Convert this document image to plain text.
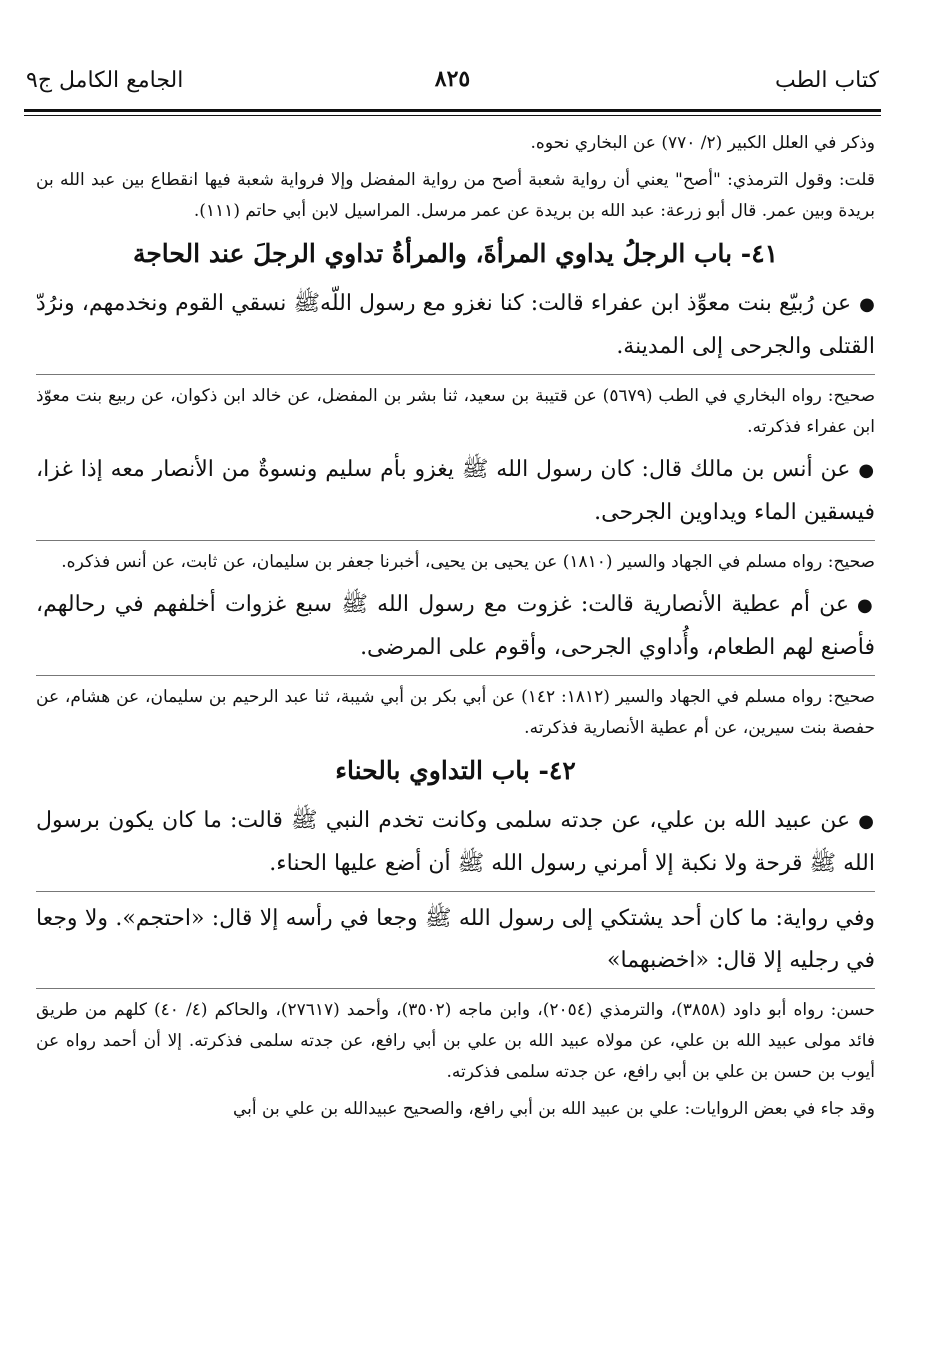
كتاب الطب
٨٢٥
الجامع الكامل ج٩

وذكر في العلل الكبير (٢/ ٧٧٠) عن البخاري نحوه.

قلت: وقول الترمذي: "أصح" يعني أن رواية شعبة أصح من رواية المفضل وإلا فرواية شعبة فيها انقطاع بين عبد الله بن بريدة وبين عمر. قال أبو زرعة: عبد الله بن بريدة عن عمر مرسل. المراسيل لابن أبي حاتم (١١١).

٤١- باب الرجلُ يداوي المرأةَ، والمرأةُ تداوي الرجلَ عند الحاجة

●عن رُبيّع بنت معوِّذ ابن عفراء قالت: كنا نغزو مع رسول اللّهﷺ نسقي القوم ونخدمهم، ونرُدّ القتلى والجرحى إلى المدينة.

صحيح: رواه البخاري في الطب (٥٦٧٩) عن قتيبة بن سعيد، ثنا بشر بن المفضل، عن خالد ابن ذكوان، عن ربيع بنت معوّذ ابن عفراء فذكرته.

●عن أنس بن مالك قال: كان رسول الله ﷺ يغزو بأم سليم ونسوةٌ من الأنصار معه إذا غزا، فيسقين الماء ويداوين الجرحى.

صحيح: رواه مسلم في الجهاد والسير (١٨١٠) عن يحيى بن يحيى، أخبرنا جعفر بن سليمان، عن ثابت، عن أنس فذكره.

●عن أم عطية الأنصارية قالت: غزوت مع رسول الله ﷺ سبع غزوات أخلفهم في رحالهم، فأصنع لهم الطعام، وأُداوي الجرحى، وأقوم على المرضى.

صحيح: رواه مسلم في الجهاد والسير (١٨١٢: ١٤٢) عن أبي بكر بن أبي شيبة، ثنا عبد الرحيم بن سليمان، عن هشام، عن حفصة بنت سيرين، عن أم عطية الأنصارية فذكرته.

٤٢- باب التداوي بالحناء

●عن عبيد الله بن علي، عن جدته سلمى وكانت تخدم النبي ﷺ قالت: ما كان يكون برسول الله ﷺ قرحة ولا نكبة إلا أمرني رسول الله ﷺ أن أضع عليها الحناء.

وفي رواية: ما كان أحد يشتكي إلى رسول الله ﷺ وجعا في رأسه إلا قال: «احتجم». ولا وجعا في رجليه إلا قال: «اخضبهما»

حسن: رواه أبو داود (٣٨٥٨)، والترمذي (٢٠٥٤)، وابن ماجه (٣٥٠٢)، وأحمد (٢٧٦١٧)، والحاكم (٤/ ٤٠) كلهم من طريق فائد مولى عبيد الله بن علي، عن مولاه عبيد الله بن علي بن أبي رافع، عن جدته سلمى فذكرته. إلا أن أحمد رواه عن أيوب بن حسن بن علي بن أبي رافع، عن جدته سلمى فذكرته.

وقد جاء في بعض الروايات: علي بن عبيد الله بن أبي رافع، والصحيح عبيدالله بن علي بن أبي
